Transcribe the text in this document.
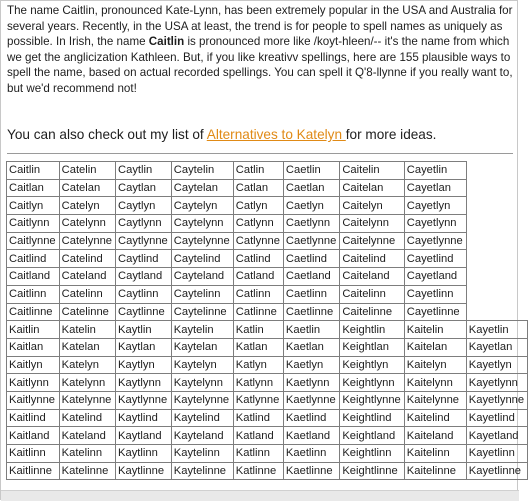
The name Caitlin, pronounced Kate-Lynn, has been extremely popular in the USA and Australia for several years. Recently, in the USA at least, the trend is for people to spell names as uniquely as possible. In Irish, the name Caitlin is pronounced more like /koyt-hleen/-- it's the name from which we get the anglicization Kathleen. But, if you like kreativv spellings, here are 155 plausible ways to spell the name, based on actual recorded spellings. You can spell it Q'8-llynne if you really want to, but we'd recommend not!

You can also check out my list of Alternatives to Katelyn for more ideas.

Caitlin	Catelin	Caytlin	Caytelin	Catlin	Caetlin	Caitelin	Cayetlin	
Caitlan	Catelan	Caytlan	Caytelan	Catlan	Caetlan	Caitelan	Cayetlan	
Caitlyn	Catelyn	Caytlyn	Caytelyn	Catlyn	Caetlyn	Caitelyn	Cayetlyn	
Caitlynn	Catelynn	Caytlynn	Caytelynn	Catlynn	Caetlynn	Caitelynn	Cayetlynn	
Caitlynne	Catelynne	Caytlynne	Caytelynne	Catlynne	Caetlynne	Caitelynne	Cayetlynne	
Caitlind	Catelind	Caytlind	Caytelind	Catlind	Caetlind	Caitelind	Cayetlind	
Caitland	Cateland	Caytland	Cayteland	Catland	Caetland	Caiteland	Cayetland	
Caitlinn	Catelinn	Caytlinn	Caytelinn	Catlinn	Caetlinn	Caitelinn	Cayetlinn	
Caitlinne	Catelinne	Caytlinne	Caytelinne	Catlinne	Caetlinne	Caitelinne	Cayetlinne	
Kaitlin	Katelin	Kaytlin	Kaytelin	Katlin	Kaetlin	Keightlin	Kaitelin	Kayetlin
Kaitlan	Katelan	Kaytlan	Kaytelan	Katlan	Kaetlan	Keightlan	Kaitelan	Kayetlan
Kaitlyn	Katelyn	Kaytlyn	Kaytelyn	Katlyn	Kaetlyn	Keightlyn	Kaitelyn	Kayetlyn
Kaitlynn	Katelynn	Kaytlynn	Kaytelynn	Katlynn	Kaetlynn	Keightlynn	Kaitelynn	Kayetlynn
Kaitlynne	Katelynne	Kaytlynne	Kaytelynne	Katlynne	Kaetlynne	Keightlynne	Kaitelynne	Kayetlynne
Kaitlind	Katelind	Kaytlind	Kaytelind	Katlind	Kaetlind	Keightlind	Kaitelind	Kayetlind
Kaitland	Kateland	Kaytland	Kayteland	Katland	Kaetland	Keightland	Kaiteland	Kayetland
Kaitlinn	Katelinn	Kaytlinn	Kaytelinn	Katlinn	Kaetlinn	Keightlinn	Kaitelinn	Kayetlinn
Kaitlinne	Katelinne	Kaytlinne	Kaytelinne	Katlinne	Kaetlinne	Keightlinne	Kaitelinne	Kayetlinne
